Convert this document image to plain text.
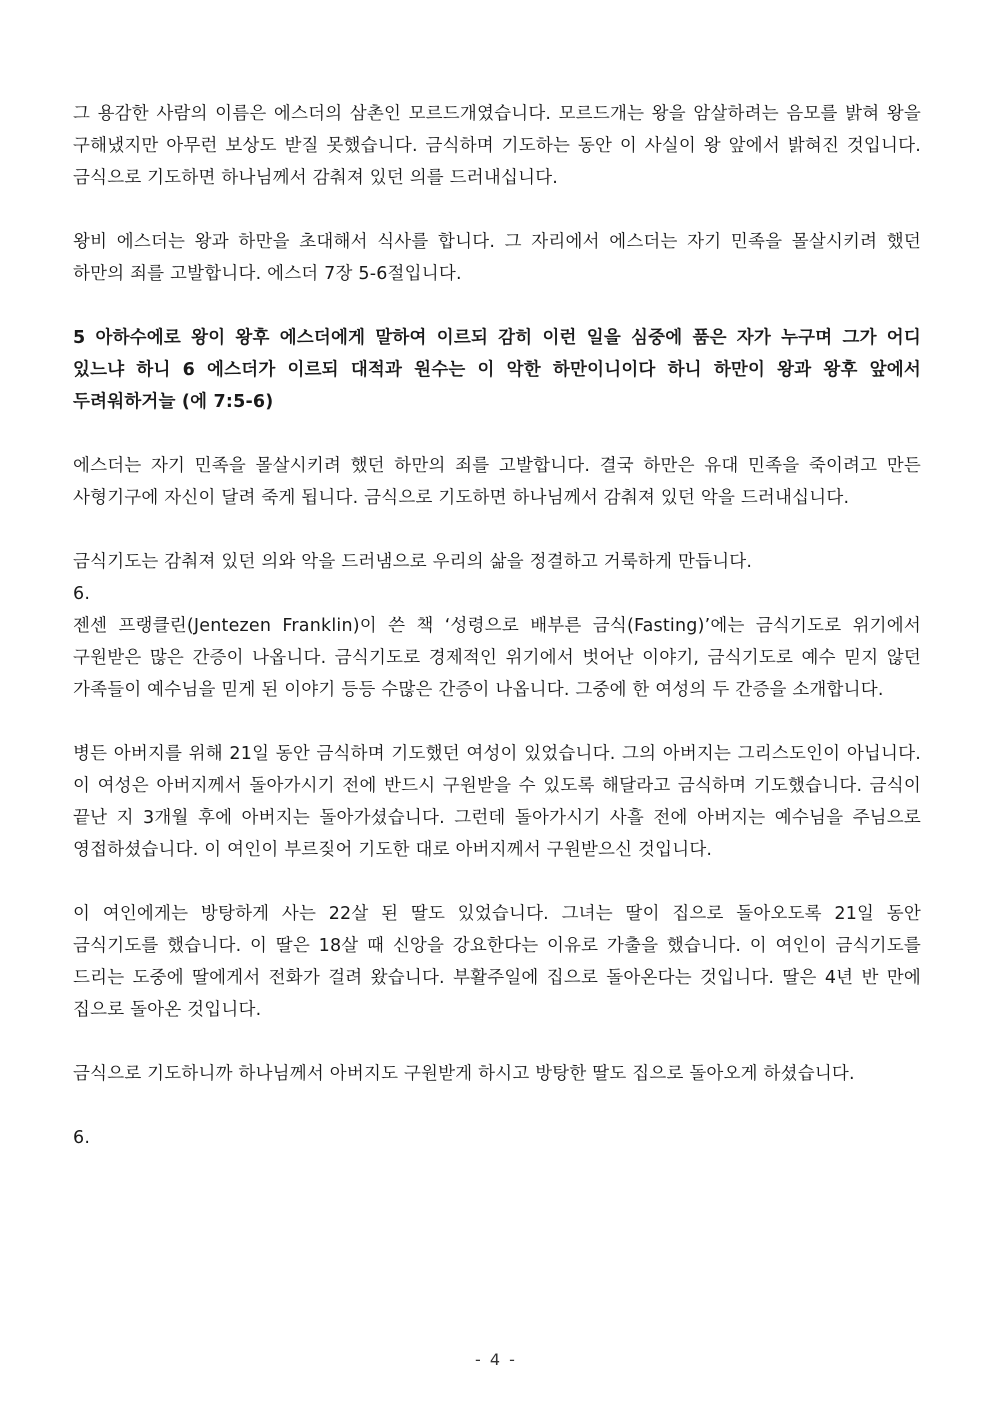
그 용감한 사람의 이름은 에스더의 삼촌인 모르드개였습니다. 모르드개는 왕을 암살하려는 음모를 밝혀 왕을 구해냈지만 아무런 보상도 받질 못했습니다. 금식하며 기도하는 동안 이 사실이 왕 앞에서 밝혀진 것입니다. 금식으로 기도하면 하나님께서 감춰져 있던 의를 드러내십니다.

왕비 에스더는 왕과 하만을 초대해서 식사를 합니다. 그 자리에서 에스더는 자기 민족을 몰살시키려 했던 하만의 죄를 고발합니다. 에스더 7장 5-6절입니다.

5 아하수에로 왕이 왕후 에스더에게 말하여 이르되 감히 이런 일을 심중에 품은 자가 누구며 그가 어디 있느냐 하니 6 에스더가 이르되 대적과 원수는 이 악한 하만이니이다 하니 하만이 왕과 왕후 앞에서 두려워하거늘 (에 7:5-6)

에스더는 자기 민족을 몰살시키려 했던 하만의 죄를 고발합니다. 결국 하만은 유대 민족을 죽이려고 만든 사형기구에 자신이 달려 죽게 됩니다. 금식으로 기도하면 하나님께서 감춰져 있던 악을 드러내십니다.

금식기도는 감춰져 있던 의와 악을 드러냄으로 우리의 삶을 정결하고 거룩하게 만듭니다.

6.

젠센 프랭클린(Jentezen Franklin)이 쓴 책 ‘성령으로 배부른 금식(Fasting)’에는 금식기도로 위기에서 구원받은 많은 간증이 나옵니다. 금식기도로 경제적인 위기에서 벗어난 이야기, 금식기도로 예수 믿지 않던 가족들이 예수님을 믿게 된 이야기 등등 수많은 간증이 나옵니다. 그중에 한 여성의 두 간증을 소개합니다.

병든 아버지를 위해 21일 동안 금식하며 기도했던 여성이 있었습니다. 그의 아버지는 그리스도인이 아닙니다. 이 여성은 아버지께서 돌아가시기 전에 반드시 구원받을 수 있도록 해달라고 금식하며 기도했습니다. 금식이 끝난 지 3개월 후에 아버지는 돌아가셨습니다. 그런데 돌아가시기 사흘 전에 아버지는 예수님을 주님으로 영접하셨습니다. 이 여인이 부르짖어 기도한 대로 아버지께서 구원받으신 것입니다.

이 여인에게는 방탕하게 사는 22살 된 딸도 있었습니다. 그녀는 딸이 집으로 돌아오도록 21일 동안 금식기도를 했습니다. 이 딸은 18살 때 신앙을 강요한다는 이유로 가출을 했습니다. 이 여인이 금식기도를 드리는 도중에 딸에게서 전화가 걸려 왔습니다. 부활주일에 집으로 돌아온다는 것입니다. 딸은 4년 반 만에 집으로 돌아온 것입니다.

금식으로 기도하니까 하나님께서 아버지도 구원받게 하시고 방탕한 딸도 집으로 돌아오게 하셨습니다.

6.

- 4 -
